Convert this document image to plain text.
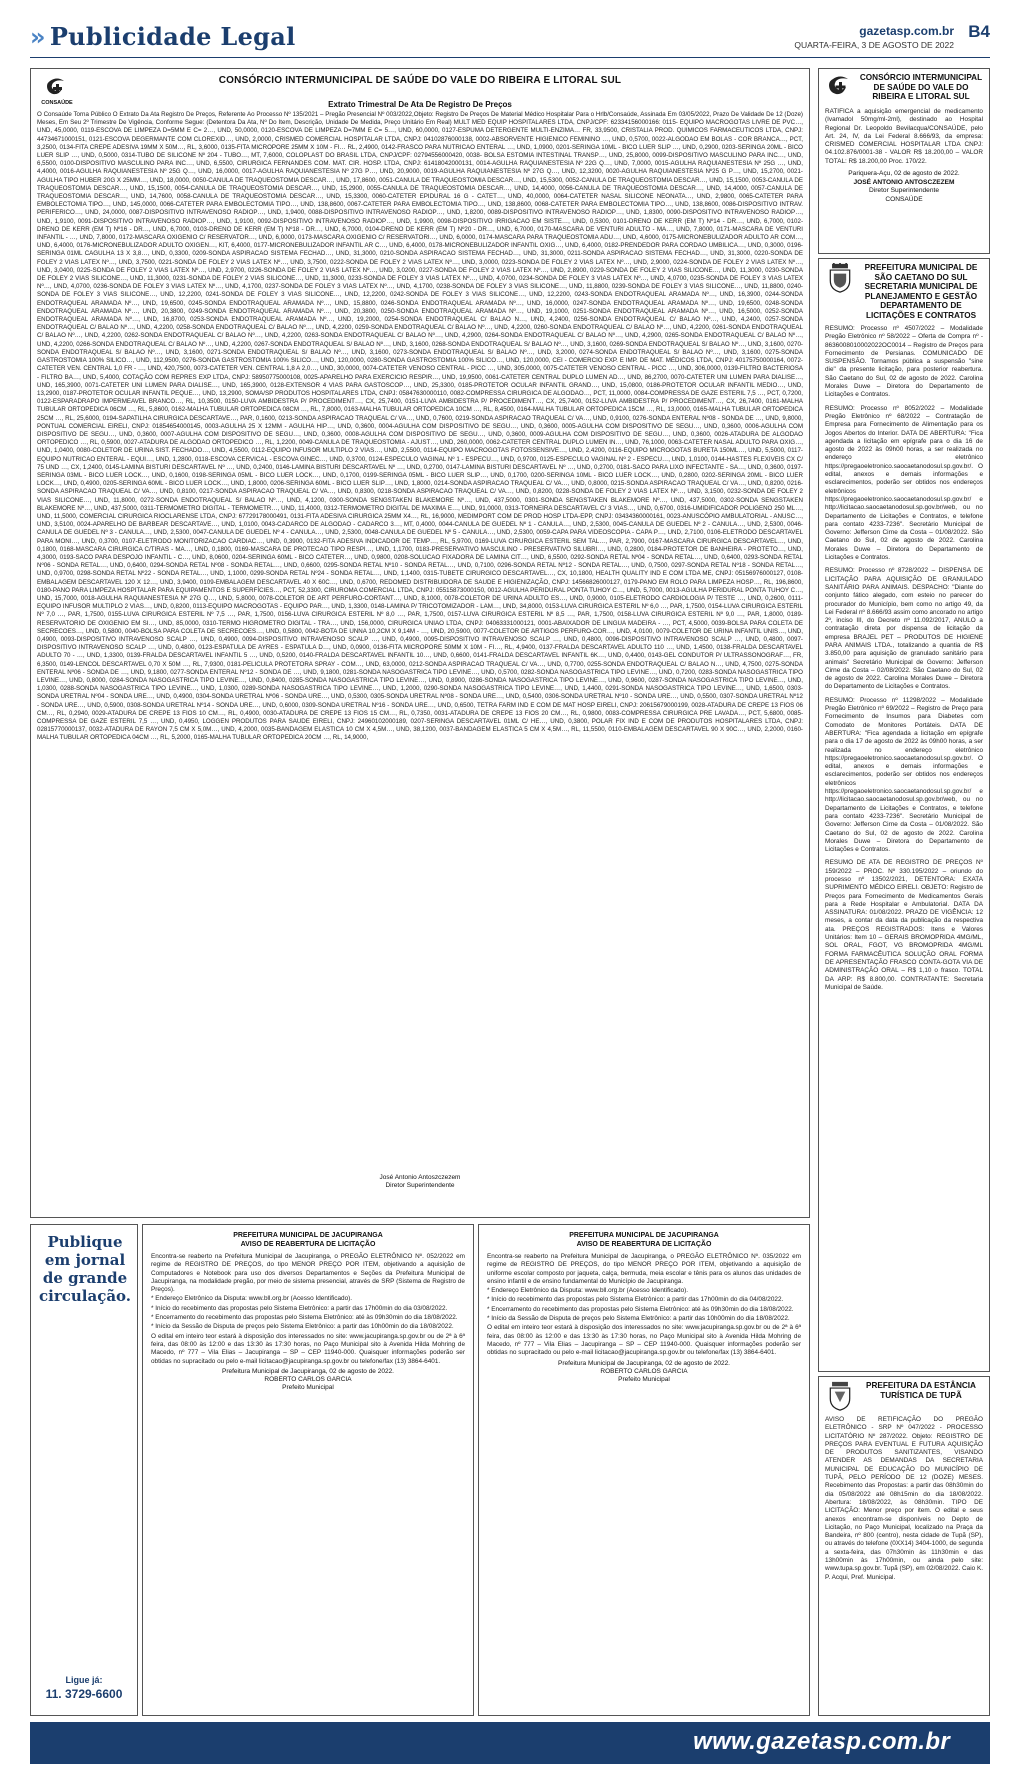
» Publicidade Legal	gazetasp.com.br
QUARTA-FEIRA, 3 DE AGOSTO DE 2022
B4
CONSAÚDE
CONSÓRCIO INTERMUNICIPAL DE SAÚDE DO VALE DO RIBEIRA E LITORAL SUL
Extrato Trimestral De Ata De Registro De Preços
O Consaúde Torna Público O Extrato Da Ata Registro De Preços, Referente Ao Processo Nº 135/2021 – Pregão Presencial Nº 003/2022,Objeto: Registro De Preços De Material Médico Hospitalar Para o Hrlb/Consaúde, Assinada Em 03/05/2022, Prazo De Validade De 12 (Doze) Meses, Em Seu 2º Trimestre De Vigência, Conforme Segue: (Detentora Da Ata, Nº Do Item, Descrição, Unidade De Medida, Preço Unitário Em Real) MULT MED EQUIP HOSPITALARES LTDA, CNPJ/CPF: 62334156000166: 0115- EQUIPO MACROGOTAS LIVRE DE PVC…, UND, 45,0000, 0119-ESCOVA DE LIMPEZA D=5MM E C= 2…, UND, 50,0000, 0120-ESCOVA DE LIMPEZA D=7MM E C= 5…, UND, 60,0000, 0127-ESPUMA DETERGENTE MULTI-ENZIMA… FR, 33,9500, CRISTALIA PROD. QUIMICOS FARMACEUTICOS LTDA, CNPJ: 44734671000151, 0121-ESCOVA DEGERMANTE COM CLOREXID…, UND, 2,0000, CRISMED COMERCIAL HOSPITALAR LTDA, CNPJ: 04102876000138, 0002-ABSORVENTE HIGIENICO FEMININO …, UND, 0,5700, 0022-ALGODAO EM BOLAS - COR BRANCA…, PCT, 3,2500, 0134-FITA CREPE ADESIVA 19MM X 50M…, RL, 3,6000, 0135-FITA MICROPORE 25MM X 10M - FI… RL, 2,4900, 0142-FRASCO PARA NUTRICAO ENTERAL …, UND, 1,0900, 0201-SERINGA 10ML - BICO LUER SLIP …, UND, 0,2900, 0203-SERINGA 20ML - BICO LUER SLIP …, UND, 0,5000, 0314-TUBO DE SILICONE Nº 204 - TUBO…, MT, 7,6000, COLOPLAST DO BRASIL LTDA, CNPJ/CPF: 02794556000420, 0038- BOLSA ESTOMIA INTESTINAL TRANSP…, UND, 25,8000, 0099-DISPOSITIVO MASCULINO PARA INC…, UND, 6,5500, 0100-DISPOSITIVO MASCULINO PARA INC…, UND, 6,5500, CIRURGICA FERNANDES COM. MAT. CIR. HOSP. LTDA, CNPJ: 61418042000131, 0014-AGULHA RAQUIANESTESIA Nº 22G Q…, UND, 7,0000, 0015-AGULHA RAQUIANESTESIA Nº 25G …, UND, 4,4000, 0016-AGULHA RAQUIANESTESIA Nº 25G Q…, UND, 16,0000, 0017-AGULHA RAQUIANESTESIA Nº 27G P…, UND, 20,9000, 0019-AGULHA RAQUIANESTESIA Nº 27G Q…, UND, 12,3200, 0020-AGULHA RAQUIANESTESIA Nº25 G P…, UND, 15,2700, 0021-AGULHA TIPO HUBER 20G X 25MM…, UND, 18,0000, 0050-CANULA DE TRAQUEOSTOMIA DESCAR…, UND, 17,8600, 0051-CANULA DE TRAQUEOSTOMIA DESCAR…, UND, 15,5300, 0052-CANULA DE TRAQUEOSTOMIA DESCAR…, UND, 15,1500, 0053-CANULA DE TRAQUEOSTOMIA DESCAR…, UND, 15,1500, 0054-CANULA DE TRAQUEOSTOMIA DESCAR…, UND, 15,2900, 0055-CANULA DE TRAQUEOSTOMIA DESCAR…, UND, 14,4000, 0056-CANULA DE TRAQUEOSTOMIA DESCAR…, UND, 14,4000, 0057-CANULA DE TRAQUEOSTOMIA DESCAR…, UND, 14,7600, 0058-CANULA DE TRAQUEOSTOMIA DESCAR…, UND, 15,3300, 0060-CATETER EPIDURAL 16 G - CATET…, UND, 40,0000, 0064-CATETER NASAL SILICONE NEONATA…, UND, 2,9800, 0065-CATETER PARA EMBOLECTOMIA TIPO…, UND, 145,0000, 0066-CATETER PARA EMBOLECTOMIA TIPO…, UND, 138,8600, 0067-CATETER PARA EMBOLECTOMIA TIPO…, UND, 138,8600, 0068-CATETER PARA EMBOLECTOMIA TIPO…, UND, 138,8600, 0086-DISPOSITIVO INTRAV. PERIFERICO…, UND, 24,0000, 0087-DISPOSITIVO INTRAVENOSO RADIOP…, UND, 1,9400, 0088-DISPOSITIVO INTRAVENOSO RADIOP…, UND, 1,8200, 0089-DISPOSITIVO INTRAVENOSO RADIOP…, UND, 1,8300, 0090-DISPOSITIVO INTRAVENOSO RADIOP…, UND, 1,9100, 0091-DISPOSITIVO INTRAVENOSO RADIOP…, UND, 1,9100, 0092-DISPOSITIVO INTRAVENOSO RADIOP…, UND, 1,9900, 0098-DISPOSITIVO IRRIGACAO EM SISTE…, UND, 0,5300, 0101-DRENO DE KERR (EM T) Nº14 - DR…, UND, 6,7000, 0102-DRENO DE KERR (EM T) Nº16 - DR…, UND, 6,7000, 0103-DRENO DE KERR (EM T) Nº18 - DR…, UND, 6,7000, 0104-DRENO DE KERR (EM T) Nº20 - DR…, UND, 6,7000, 0170-MASCARA DE VENTURI ADULTO - MA…, UND, 7,8000, 0171-MASCARA DE VENTURI INFANTIL - …, UND, 7,8000, 0172-MASCARA OXIGENIO C/ RESERVATOR…, UND, 6,0000, 0173-MASCARA OXIGENIO C/ RESERVATORI…, UND, 6,0000, 0174-MASCARA PARA TRAQUEOSTOMIA ADU…, UND, 4,6000, 0175-MICRONEBULIZADOR ADULTO AR COM…, UND, 6,4000, 0176-MICRONEBULIZADOR ADULTO OXIGEN…, KIT, 6,4000, 0177-MICRONEBULIZADOR INFANTIL AR C…, UND, 6,4000, 0178-MICRONEBULIZADOR INFANTIL OXIG…, UND, 6,4000, 0182-PRENDEDOR PARA CORDAO UMBILICA…, UND, 0,3000, 0196-SERINGA 01ML CAGULHA 13 X 3,8…, UND, 0,3300, 0209-SONDA ASPIRACAO SISTEMA FECHAD…, UND, 31,3000, 0210-SONDA ASPIRACAO SISTEMA FECHAD…, UND, 31,3000, 0211-SONDA ASPIRACAO SISTEMA FECHAD…, UND, 31,3000, 0220-SONDA DE FOLEY 2 VIAS LATEX Nº…, UND, 3,7500, 0221-SONDA DE FOLEY 2 VIAS LATEX Nº…, UND, 3,7500, 0222-SONDA DE FOLEY 2 VIAS LATEX Nº…, UND, 3,0000, 0223-SONDA DE FOLEY 2 VIAS LATEX Nº…, UND, 2,9000, 0224-SONDA DE FOLEY 2 VIAS LATEX Nº…, UND, 3,0400, 0225-SONDA DE FOLEY 2 VIAS LATEX Nº…, UND, 2,9700, 0226-SONDA DE FOLEY 2 VIAS LATEX Nº…, UND, 3,0200, 0227-SONDA DE FOLEY 2 VIAS LATEX Nº…, UND, 2,8900, 0229-SONDA DE FOLEY 2 VIAS SILICONE…, UND, 11,3000, 0230-SONDA DE FOLEY 2 VIAS SILICONE…, UND, 11,3000, 0231-SONDA DE FOLEY 2 VIAS SILICONE…, UND, 11,3000, 0233-SONDA DE FOLEY 3 VIAS LATEX Nº…, UND, 4,0700, 0234-SONDA DE FOLEY 3 VIAS LATEX Nº…, UND, 4,0700, 0235-SONDA DE FOLEY 3 VIAS LATEX Nº…, UND, 4,0700, 0236-SONDA DE FOLEY 3 VIAS LATEX Nº…, UND, 4,1700, 0237-SONDA DE FOLEY 3 VIAS LATEX Nº…, UND, 4,1700, 0238-SONDA DE FOLEY 3 VIAS SILICONE…, UND, 11,8800, 0239-SONDA DE FOLEY 3 VIAS SILICONE…, UND, 11,8800, 0240-SONDA DE FOLEY 3 VIAS SILICONE…, UND, 12,2200, 0241-SONDA DE FOLEY 3 VIAS SILICONE…, UND, 12,2200, 0242-SONDA DE FOLEY 3 VIAS SILICONE…, UND, 12,2200, 0243-SONDA ENDOTRAQUEAL ARAMADA Nº…, UND, 16,3900, 0244-SONDA ENDOTRAQUEAL ARAMADA Nº…, UND, 19,6500, 0245-SONDA ENDOTRAQUEAL ARAMADA Nº…, UND, 15,8800, 0246-SONDA ENDOTRAQUEAL ARAMADA Nº…, UND, 16,0000, 0247-SONDA ENDOTRAQUEAL ARAMADA Nº…, UND, 19,6500, 0248-SONDA ENDOTRAQUEAL ARAMADA Nº…, UND, 20,3800, 0249-SONDA ENDOTRAQUEAL ARAMADA Nº…, UND, 20,3800, 0250-SONDA ENDOTRAQUEAL ARAMADA Nº…, UND, 19,1000, 0251-SONDA ENDOTRAQUEAL ARAMADA Nº…, UND, 16,5000, 0252-SONDA ENDOTRAQUEAL ARAMADA Nº…, UND, 16,8700, 0253-SONDA ENDOTRAQUEAL ARAMADA Nº…, UND, 19,2000, 0254-SONDA ENDOTRAQUEAL C/ BALAO N…, UND, 4,2400, 0256-SONDA ENDOTRAQUEAL C/ BALAO Nº…, UND, 4,2400, 0257-SONDA ENDOTRAQUEAL C/ BALAO Nº…, UND, 4,2200, 0258-SONDA ENDOTRAQUEAL C/ BALAO Nº…, UND, 4,2200, 0259-SONDA ENDOTRAQUEAL C/ BALAO Nº…, UND, 4,2200, 0260-SONDA ENDOTRAQUEAL C/ BALAO Nº…, UND, 4,2200, 0261-SONDA ENDOTRAQUEAL C/ BALAO Nº…, UND, 4,2200, 0262-SONDA ENDOTRAQUEAL C/ BALAO Nº…, UND, 4,2200, 0263-SONDA ENDOTRAQUEAL C/ BALAO Nº…, UND, 4,2900, 0264-SONDA ENDOTRAQUEAL C/ BALAO Nº…, UND, 4,2900, 0265-SONDA ENDOTRAQUEAL C/ BALAO Nº…, UND, 4,2200, 0266-SONDA ENDOTRAQUEAL C/ BALAO Nº…, UND, 4,2200, 0267-SONDA ENDOTRAQUEAL S/ BALAO Nº…, UND, 3,1600, 0268-SONDA ENDOTRAQUEAL S/ BALAO Nº…, UND, 3,1600, 0269-SONDA ENDOTRAQUEAL S/ BALAO Nº…, UND, 3,1600, 0270-SONDA ENDOTRAQUEAL S/ BALAO Nº…, UND, 3,1600, 0271-SONDA ENDOTRAQUEAL S/ BALAO Nº…, UND, 3,1600, 0273-SONDA ENDOTRAQUEAL S/ BALAO Nº…, UND, 3,2000, 0274-SONDA ENDOTRAQUEAL S/ BALAO Nº…, UND, 3,1600, 0275-SONDA GASTROSTOMIA 100% SILICO…, UND, 112,9500, 0276-SONDA GASTROSTOMIA 100% SILICO…, UND, 120,0000, 0280-SONDA GASTROSTOMIA 100% SILICO…, UND, 120,0000, CEI - COMERCIO EXP. E IMP. DE MAT. MÉDICOS LTDA, CNPJ: 40175750000164, 0072-CATETER VEN. CENTRAL 1,0 FR - …, UND, 420,7500, 0073-CATETER VEN. CENTRAL 1,8 A 2,0…, UND, 30,0000, 0074-CATETER VENOSO CENTRAL - PICC …, UND, 305,0000, 0075-CATETER VENOSO CENTRAL - PICC …, UND, 306,0000, 0139-FILTRO BACTERIOSA - FILTRO BA…, UND, 5,4000, COTAÇÃO COM REPRES EXP LTDA, CNPJ: 58950775000108, 0025-APARELHO PARA EXERCICIO RESPIR…, UND, 19,9500, 0061-CATETER CENTRAL DUPLO LUMEN AD…, UND, 86,2700, 0070-CATETER UNI LUMEN PARA DIALISE…, UND, 165,3900, 0071-CATETER UNI LUMEN PARA DIALISE…, UND, 165,3900, 0128-EXTENSOR 4 VIAS PARA GASTOSCOP…, UND, 25,3300, 0185-PROTETOR OCULAR INFANTIL GRAND…, UND, 15,0800, 0186-PROTETOR OCULAR INFANTIL MEDIO…, UND, 13,2900, 0187-PROTETOR OCULAR INFANTIL PEQUE…, UND, 13,2900, SOMA/SP PRODUTOS HOSPITALARES LTDA, CNPJ: 05847630000110, 0082-COMPRESSA CIRURGICA DE ALGODAO…, PCT, 11,0000, 0084-COMPRESSA DE GAZE ESTERIL 7,5 …, PCT, 0,7200, 0122-ESPARADRAPO IMPERMEAVEL BRANCO…, RL, 10,3500, 0150-LUVA AMBIDESTRA P/ PROCEDIMENT…, CX, 25,7400, 0151-LUVA AMBIDESTRA P/ PROCEDIMENT…, CX, 25,7400, 0152-LUVA AMBIDESTRA P/ PROCEDIMENT…, CX, 26,7400, 0161-MALHA TUBULAR ORTOPEDICA 06CM …, RL, 5,8600, 0162-MALHA TUBULAR ORTOPEDICA 08CM …, RL, 7,8000, 0163-MALHA TUBULAR ORTOPEDICA 10CM …, RL, 8,4500, 0164-MALHA TUBULAR ORTOPEDICA 15CM …, RL, 13,0000, 0165-MALHA TUBULAR ORTOPEDICA 25CM …, RL, 25,6000, 0194-SAPATILHA CIRURGICA DESCARTAVE…, PAR, 0,1600, 0213-SONDA ASPIRACAO TRAQUEAL C/ VA…, UND, 0,7600, 0219-SONDA ASPIRACAO TRAQUEAL C/ VA…, UND, 0,9100, 0276-SONDA ENTERAL Nº08 - SONDA DE …, UND, 9,8000, PONTUAL COMERCIAL EIRELI, CNPJ: 01854654000145, 0003-AGULHA 25 X 12MM - AGULHA HIP…, UND, 0,3600, 0004-AGULHA COM DISPOSITIVO DE SEGU…, UND, 0,3600, 0005-AGULHA COM DISPOSITIVO DE SEGU…, UND, 0,3600, 0006-AGULHA COM DISPOSITIVO DE SEGU…, UND, 0,3600, 0007-AGULHA COM DISPOSITIVO DE SEGU…, UND, 0,3600, 0008-AGULHA COM DISPOSITIVO DE SEGU…, UND, 0,3600, 0009-AGULHA COM DISPOSITIVO DE SEGU…, UND, 0,3600, 0026-ATADURA DE ALGODAO ORTOPEDICO …, RL, 0,5900, 0027-ATADURA DE ALGODAO ORTOPEDICO …, RL, 1,2200, 0049-CANULA DE TRAQUEOSTOMIA - AJUST…, UND, 260,0000, 0062-CATETER CENTRAL DUPLO LUMEN IN…, UND, 76,1000, 0063-CATETER NASAL ADULTO PARA OXIG…, UND, 1,0400, 0080-COLETOR DE URINA SIST. FECHADO…, UND, 4,5500, 0112-EQUIPO INFUSOR MULTIPLO 2 VIAS…, UND, 2,5500, 0114-EQUIPO MACROGOTAS FOTOSSENSIVE…, UND, 2,4200, 0116-EQUIPO MICROGOTAS BURETA 150ML…, UND, 5,5000, 0117-EQUIPO NUTRICAO ENTERAL - EQUI…, UND, 1,2800, 0118-ESCOVA CERVICAL - ESCOVA GINEC…, UND, 0,3700, 0124-ESPECULO VAGINAL Nº 1 - ESPECU…, UND, 0,9700, 0125-ESPECULO VAGINAL Nº 2 - ESPECU…, UND, 1,0100, 0144-HASTES FLEXIVEIS CX C/ 75 UND …, CX, 1,2400, 0145-LAMINA BISTURI DESCARTAVEL Nº …, UND, 0,2400, 0146-LAMINA BISTURI DESCARTAVEL Nº …, UND, 0,2700, 0147-LAMINA BISTURI DESCARTAVEL Nº …, UND, 0,2700, 0181-SACO PARA LIXO INFECTANTE - SA…, UND, 0,3600, 0197-SERINGA 03ML - BICO LUER LOCK…, UND, 0,1600, 0198-SERINGA 05ML - BICO LUER LOCK…, UND, 0,1700, 0199-SERINGA 05ML - BICO LUER SLIP…, UND, 0,1700, 0200-SERINGA 10ML - BICO LUER LOCK…, UND, 0,2800, 0202-SERINGA 20ML - BICO LUER LOCK…, UND, 0,4900, 0205-SERINGA 60ML - BICO LUER LOCK…, UND, 1,8000, 0206-SERINGA 60ML - BICO LUER SLIP…, UND, 1,8000, 0214-SONDA ASPIRACAO TRAQUEAL C/ VA…, UND, 0,8000, 0215-SONDA ASPIRACAO TRAQUEAL C/ VA…, UND, 0,8200, 0216-SONDA ASPIRACAO TRAQUEAL C/ VA…, UND, 0,8100, 0217-SONDA ASPIRACAO TRAQUEAL C/ VA…, UND, 0,8300, 0218-SONDA ASPIRACAO TRAQUEAL C/ VA…, UND, 0,8200, 0228-SONDA DE FOLEY 2 VIAS LATEX Nº…, UND, 3,1500, 0232-SONDA DE FOLEY 2 VIAS SILICONE…, UND, 11,8000, 0272-SONDA ENDOTRAQUEAL S/ BALAO Nº…, UND, 4,1200, 0300-SONDA SENGSTAKEN BLAKEMORE Nº…, UND, 437,5000, 0301-SONDA SENGSTAKEN BLAKEMORE Nº…, UND, 437,5000, 0302-SONDA SENGSTAKEN BLAKEMORE Nº…, UND, 437,5000, 0311-TERMOMETRO DIGITAL - TERMOMETR…, UND, 11,4000, 0312-TERMOMETRO DIGITAL DE MAXIMA E…, UND, 91,0000, 0313-TORNEIRA DESCARTAVEL C/ 3 VIAS…, UND, 0,6700, 0316-UMIDIFICADOR POLIGENO 250 ML…, UND, 11,5000, COMERCIAL CIRURGICA RIOCLARENSE LTDA, CNPJ: 67729178000491, 0131-FITA ADESIVA CIRURGICA 25MM X4…, RL, 16,9000, MEDIMPORT COM DE PROD HOSP LTDA-EPP, CNPJ: 03434360000161, 0023-ANUSCÓPIO AMBULATORIAL - ANUSC…, UND, 3,5100, 0024-APARELHO DE BARBEAR DESCARTAVE…, UND, 1,0100, 0043-CADARCO DE ALGODAO - CADARCO 3…, MT, 0,4000, 0044-CANULA DE GUEDEL Nº 1 - CANULA…, UND, 2,5300, 0045-CANULA DE GUEDEL Nº 2 - CANULA…, UND, 2,5300, 0046-CANULA DE GUEDEL Nº 3 - CANULA…, UND, 2,5300, 0047-CANULA DE GUEDEL Nº 4 - CANULA…, UND, 2,5300, 0048-CANULA DE GUEDEL Nº 5 - CANULA…, UND, 2,5300, 0059-CAPA PARA VIDEOSCOPIA - CAPA P…, UND, 2,7100, 0106-ELETRODO DESCARTAVEL PARA MONI…, UND, 0,3700, 0107-ELETRODO MONITORIZACAO CARDIAC…, UND, 0,3900, 0132-FITA ADESIVA INDICADOR DE TEMP…, RL, 5,9700, 0169-LUVA CIRURGICA ESTERIL SEM TAL…, PAR, 2,7900, 0167-MASCARA CIRURGICA DESCARTAVEL…, UND, 0,1800, 0168-MASCARA CIRURGICA C/TIRAS - MA…, UND, 0,1800, 0169-MASCARA DE PROTECAO TIPO RESPI…, UND, 1,1700, 0183-PRESERVATIVO MASCULINO - PRESERVATIVO SILUBRI…, UND, 0,2800, 0184-PROTETOR DE BANHEIRA - PROTETO…, UND, 4,3000, 0193-SACO PARA DESPOJO INFANTIL - C…, UND, 8,0600, 0204-SERINGA 60ML - BICO CATETER…, UND, 0,9800, 0208-SOLUCAO FIXADORA DE LAMINA CIT…, UND, 6,5500, 0292-SONDA RETAL Nº04 - SONDA RETAL…, UND, 0,6400, 0293-SONDA RETAL Nº06 - SONDA RETAL…, UND, 0,6400, 0294-SONDA RETAL Nº08 - SONDA RETAL…, UND, 0,6600, 0295-SONDA RETAL Nº10 - SONDA RETAL…, UND, 0,7100, 0296-SONDA RETAL Nº12 - SONDA RETAL…, UND, 0,7500, 0297-SONDA RETAL Nº18 - SONDA RETAL…, UND, 0,9700, 0298-SONDA RETAL Nº22 - SONDA RETAL…, UND, 1,1000, 0299-SONDA RETAL Nº24 - SONDA RETAL…, UND, 1,1400, 0315-TUBETE CIRURGICO DESCARTAVEL…, CX, 10,1800, HEALTH QUALITY IND E COM LTDA ME, CNPJ: 05156976000127, 0108-EMBALAGEM DESCARTAVEL 120 X 12…, UND, 3,9400, 0109-EMBALAGEM DESCARTAVEL 40 X 60C…, UND, 0,6700, REDOMED DISTRIBUIDORA DE SAUDE E HIGIENIZAÇÃO, CNPJ: 14566826000127, 0179-PANO EM ROLO PARA LIMPEZA HOSP…, RL, 196,8600, 0180-PANO PARA LIMPEZA HOSPITALAR PARA EQUIPAMENTOS E SUPERFÍCIES…, PCT, 52,3300, CIRUROMA COMERCIAL LTDA, CNPJ: 05515873000150, 0012-AGULHA PERIDURAL PONTA TUHOY C…, UND, 5,7000, 0013-AGULHA PERIDURAL PONTA TUHOY C…, UND, 15,7000, 0018-AGULHA RAQUIANESTESIA Nº 27G Q…, UND, 5,8000, 0078-COLETOR DE ART PERFURO-CORTANT…, UND, 8,1000, 0078-COLETOR DE URINA ADULTO ES…, UND, 0,9000, 0105-ELETRODO CARDIOLOGIA P/ TESTE …, UND, 0,2600, 0111-EQUIPO INFUSOR MULTIPLO 2 VIAS…, UND, 0,8200, 0113-EQUIPO MACROGOTAS - EQUIPO PAR…, UND, 1,3300, 0148-LAMINA P/ TRICOTOMIZADOR - LAM…, UND, 34,8000, 0153-LUVA CIRURGICA ESTERIL Nº 6,0 …, PAR, 1,7500, 0154-LUVA CIRURGICA ESTERIL Nº 7,0 …, PAR, 1,7500, 0155-LUVA CIRURGICA ESTERIL Nº 7,5 …, PAR, 1,7500, 0156-LUVA CIRURGICA ESTERIL Nº 8,0 …, PAR, 1,7500, 0157-LUVA CIRURGICA ESTERIL Nº 8,5 …, PAR, 1,7500, 0158-LUVA CIRURGICA ESTERIL Nº 9,0 …, PAR, 1,8000, 0189-RESERVATORIO DE OXIGENIO EM SI…, UND, 85,0000, 0310-TERMO HIGROMETRO DIGITAL - TRA…, UND, 156,0000, CIRURGICA UNIAO LTDA, CNPJ: 04063331000121, 0001-ABAIXADOR DE LINGUA MADEIRA - …, PCT, 4,5000, 0039-BOLSA PARA COLETA DE SECRECOES…, UND, 0,5800, 0040-BOLSA PARA COLETA DE SECRECOES…, UND, 0,5800, 0042-BOTA DE UNNA 10,2CM X 9,14M - …, UND, 20,5900, 0077-COLETOR DE ARTIGOS PERFURO-COR…, UND, 4,0100, 0079-COLETOR DE URINA INFANTIL UNIS…, UND, 0,4900, 0093-DISPOSITIVO INTRAVENOSO SCALP …, UND, 0,4900, 0094-DISPOSITIVO INTRAVENOSO SCALP …, UND, 0,4900, 0095-DISPOSITIVO INTRAVENOSO SCALP …, UND, 0,4800, 0096-DISPOSITIVO INTRAVENOSO SCALP …, UND, 0,4800, 0097-DISPOSITIVO INTRAVENOSO SCALP …, UND, 0,4800, 0123-ESPATULA DE AYRES - ESPATULA D…, UND, 0,0900, 0136-FITA MICROPORE 50MM X 10M - FI…, RL, 4,9400, 0137-FRALDA DESCARTAVEL ADULTO 110 …, UND, 1,4500, 0138-FRALDA DESCARTAVEL ADULTO 70 - …, UND, 1,3300, 0139-FRALDA DESCARTAVEL INFANTIL 5 …, UND, 0,5200, 0140-FRALDA DESCARTAVEL INFANTIL 10…, UND, 0,6600, 0141-FRALDA DESCARTAVEL INFANTIL 6K…, UND, 0,4400, 0143-GEL CONDUTOR P/ ULTRASSONOGRAF…, FR, 6,3500, 0149-LENCOL DESCARTAVEL 0,70 X 50M …, RL, 7,9300, 0181-PELICULA PROTETORA SPRAY - COM…, UND, 63,0000, 0212-SONDA ASPIRACAO TRAQUEAL C/ VA…, UND, 0,7700, 0255-SONDA ENDOTRAQUEAL C/ BALAO N…, UND, 4,7500, 0275-SONDA ENTERAL Nº06 - SONDA DE …, UND, 9,1800, 0277-SONDA ENTERAL Nº12 - SONDA DE …, UND, 9,1800, 0281-SONDA NASOGASTRICA TIPO LEVINE…, UND, 0,5700, 0282-SONDA NASOGASTRICA TIPO LEVINE…, UND, 0,7200, 0283-SONDA NASOGASTRICA TIPO LEVINE…, UND, 0,8000, 0284-SONDA NASOGASTRICA TIPO LEVINE…, UND, 0,8400, 0285-SONDA NASOGASTRICA TIPO LEVINE…, UND, 0,8900, 0286-SONDA NASOGASTRICA TIPO LEVINE…, UND, 0,9600, 0287-SONDA NASOGASTRICA TIPO LEVINE…, UND, 1,0300, 0288-SONDA NASOGASTRICA TIPO LEVINE…, UND, 1,0300, 0289-SONDA NASOGASTRICA TIPO LEVINE…, UND, 1,2000, 0290-SONDA NASOGASTRICA TIPO LEVINE…, UND, 1,4400, 0291-SONDA NASOGASTRICA TIPO LEVINE…, UND, 1,6500, 0303-SONDA URETRAL Nº04 - SONDA URE…, UND, 0,4900, 0304-SONDA URETRAL Nº06 - SONDA URE…, UND, 0,5300, 0305-SONDA URETRAL Nº08 - SONDA URE…, UND, 0,5400, 0306-SONDA URETRAL Nº10 - SONDA URE…, UND, 0,5500, 0307-SONDA URETRAL Nº12 - SONDA URE…, UND, 0,5900, 0308-SONDA URETRAL Nº14 - SONDA URE…, UND, 0,6000, 0309-SONDA URETRAL Nº16 - SONDA URE…, UND, 0,6500, TETRA FARM IND E COM DE MAT HOSP EIRELI, CNPJ: 20615679000199, 0028-ATADURA DE CREPE 13 FIOS 06 CM…, RL, 0,2940, 0029-ATADURA DE CREPE 13 FIOS 10 CM…, RL, 0,4900, 0030-ATADURA DE CREPE 13 FIOS 15 CM…, RL, 0,7350, 0031-ATADURA DE CREPE 13 FIOS 20 CM…, RL, 0,9800, 0083-COMPRESSA CIRURGICA PRE LAVADA…, PCT, 5,6800, 0085-COMPRESSA DE GAZE ESTERIL 7,5 …, UND, 0,4950, LOGGEN PRODUTOS PARA SAUDE EIRELI, CNPJ: 24960102000189, 0207-SERINGA DESCARTAVEL 01ML C/ HE…, UND, 0,3800, POLAR FIX IND E COM DE PRODUTOS HOSPITALARES LTDA, CNPJ: 02815770000137, 0032-ATADURA DE RAYON 7,5 CM X 5,0M…, UND, 4,2000, 0035-BANDAGEM ELASTICA 10 CM X 4,5M…, UND, 38,1200, 0037-BANDAGEM ELASTICA 5 CM X 4,5M…, RL, 11,5500, 0110-EMBALAGEM DESCARTAVEL 90 X 90C…, UND, 2,2000, 0160-MALHA TUBULAR ORTOPEDICA 04CM …, RL, 5,2000, 0165-MALHA TUBULAR ORTOPEDICA 20CM …, RL, 14,9000,
José Antonio Antoszczezem
Diretor Superintendente
CONSÓRCIO INTERMUNICIPAL DE SAÚDE DO VALE DO RIBEIRA E LITORAL SUL
RATIFICA a aquisição emergencial de medicamento (Ivamadol 50mg/ml-2ml), destinado ao Hospital Regional Dr. Leopoldo Bevilacqua/CONSAÚDE, pelo Art. 24, IV, da Lei Federal 8.666/93, da empresa: CRISMED COMERCIAL HOSPITALAR LTDA CNPJ: 04.102.876/0001-38 - VALOR R$ 18.200,00 – VALOR TOTAL: R$ 18.200,00 Proc. 170/22.
Pariquera-Açu, 02 de agosto de 2022.
JOSÉ ANTONIO ANTOSCZEZEM
Diretor Superintendente
CONSAÚDE
PREFEITURA MUNICIPAL DE SÃO CAETANO DO SUL SECRETARIA MUNICIPAL DE PLANEJAMENTO E GESTÃO DEPARTAMENTO DE LICITAÇÕES E CONTRATOS
RESUMO: Processo nº 4507/2022 – Modalidade Pregão Eletrônico nº 58/2022 – Oferta de Compra nº - 8636008010002022OC0014 – Registro de Preços para Fornecimento de Persianas. COMUNICADO DE SUSPENSÃO. Tornamos pública a suspensão "sine die" da presente licitação, para posterior reabertura. São Caetano do Sul, 02 de agosto de 2022. Carolina Morales Duwe – Diretora do Departamento de Licitações e Contratos.
RESUMO: Processo nº 8052/2022 – Modalidade Pregão Eletrônico nº 68/2022 – Contratação de Empresa para Fornecimento de Alimentação para os Jogos Abertos do Interior. DATA DE ABERTURA: "Fica agendada a licitação em epígrafe para o dia 16 de agosto de 2022 às 09h00 horas, a ser realizada no endereço eletrônico https://pregaoeletronico.saocaetanodosul.sp.gov.br/. O edital, anexos e demais informações e esclarecimentos, poderão ser obtidos nos endereços eletrônicos https://pregaoeletronico.saocaetanodosul.sp.gov.br/ e http://licitacao.saocaetanodosul.sp.gov.br/web, ou no Departamento de Licitações e Contratos, e telefone para contato 4233-7236". Secretário Municipal de Governo: Jefferson Cirne da Costa – 01/08/2022. São Caetano do Sul, 02 de agosto de 2022. Carolina Morales Duwe – Diretora do Departamento de Licitações e Contratos.
RESUMO: Processo nº 8728/2022 – DISPENSA DE LICITAÇÃO PARA AQUISIÇÃO DE GRANULADO SANITÁRIO PARA ANIMAIS. DESPACHO: "Diante do conjunto fático alegado, com esteio no parecer do procurador do Município, bem como no artigo 49, da Lei Federal nº 8.666/93 assim como ancorado no artigo 2º, inciso III, do Decreto nº 11.092/2017, ANULO a contratação direta por dispensa de licitação da empresa BRAJEL PET – PRODUTOS DE HIGIENE PARA ANIMAIS LTDA., totalizando a quantia de R$ 3.850,00 para aquisição de granulado sanitário para animais" Secretário Municipal de Governo: Jefferson Cirne da Costa – 02/08/2022. São Caetano do Sul, 02 de agosto de 2022. Carolina Morales Duwe – Diretora do Departamento de Licitações e Contratos.
RESUMO: Processo nº 11298/2022 – Modalidade Pregão Eletrônico nº 69/2022 – Registro de Preço para Fornecimento de Insumos para Diabetes com Comodato de Monitores Portáteis. DATA DE ABERTURA: "Fica agendada a licitação em epígrafe para o dia 17 de agosto de 2022 às 09h00 horas, a ser realizada no endereço eletrônico https://pregaoeletronico.saocaetanodosul.sp.gov.br/. O edital, anexos e demais informações e esclarecimentos, poderão ser obtidos nos endereços eletrônicos https://pregaoeletronico.saocaetanodosul.sp.gov.br/ e http://licitacao.saocaetanodosul.sp.gov.br/web, ou no Departamento de Licitações e Contratos, e telefone para contato 4233-7236". Secretário Municipal de Governo: Jefferson Cirne da Costa – 01/08/2022. São Caetano do Sul, 02 de agosto de 2022. Carolina Morales Duwe – Diretora do Departamento de Licitações e Contratos.
RESUMO DE ATA DE REGISTRO DE PREÇOS Nº 159/2022 – PROC. Nº 330.195/2022 – oriundo do processo nº 13502/2021, DETENTORA: EXATA SUPRIMENTO MÉDICO EIRELI. OBJETO: Registro de Preços para Fornecimento de Medicamentos Gerais para a Rede Hospitalar e Ambulatorial. DATA DA ASSINATURA: 01/08/2022. PRAZO DE VIGÊNCIA: 12 meses, a contar da data da publicação da respectiva ata. PREÇOS REGISTRADOS: Itens e Valores Unitários: Item 10 – GERAIS BROMOPRIDA 4MG/ML, SOL ORAL, FGOT, VG BROMOPRIDA 4MG/ML FORMA FARMACÊUTICA SOLUÇÃO ORAL FORMA DE APRESENTAÇÃO FRASCO CONTA-GOTA VIA DE ADMINISTRAÇÃO ORAL – R$ 1,10 o frasco. TOTAL DA ARP: R$ 8.800,00. CONTRATANTE: Secretaria Municipal de Saúde.
PREFEITURA DA ESTÂNCIA TURÍSTICA DE TUPÃ
AVISO DE RETIFICAÇÃO DO PREGÃO ELETRÔNICO - SRP Nº 047/2022 - PROCESSO LICITATÓRIO Nº 287/2022. Objeto: REGISTRO DE PREÇOS PARA EVENTUAL E FUTURA AQUISIÇÃO DE PRODUTOS SANITIZANTES, VISANDO ATENDER AS DEMANDAS DA SECRETARIA MUNICIPAL DE EDUCAÇÃO DO MUNICÍPIO DE TUPÃ, PELO PERÍODO DE 12 (DOZE) MESES. Recebimento das Propostas: a partir das 08h30min do dia 05/08/2022 até 08h15min do dia 18/08/2022. Abertura: 18/08/2022, às 08h30min. TIPO DE LICITAÇÃO: Menor preço por item. O edital e seus anexos encontram-se disponíveis no Depto de Licitação, no Paço Municipal, localizado na Praça da Bandeira, nº 800 (centro), nesta cidade de Tupã (SP), ou através do telefone (0XX14) 3404-1000, de segunda a sexta-feira, das 07h30min às 11h30min e das 13h00min às 17h00min, ou ainda pelo site: www.tupa.sp.gov.br. Tupã (SP), em 02/08/2022. Caio K. P. Acqui, Pref. Municipal.
Publique em jornal de grande circulação.
Ligue já:
11. 3729-6600
PREFEITURA MUNICIPAL DE JACUPIRANGA
AVISO DE REABERTURA DE LICITAÇÃO

Encontra-se reaberto na Prefeitura Municipal de Jacupiranga, o PREGÃO ELETRÔNICO Nº. 052/2022 em regime de REGISTRO DE PREÇOS, do tipo MENOR PREÇO POR ITEM, objetivando a aquisição de Computadores e Notebook para uso dos diversos Departamentos e Seções da Prefeitura Municipal de Jacupiranga, na modalidade pregão, por meio de sistema presencial, através de SRP (Sistema de Registro de Preços).

* Endereço Eletrônico da Disputa: www.bll.org.br (Acesso Identificado).

* Início do recebimento das propostas pelo Sistema Eletrônico: a partir das 17h00min do dia 03/08/2022.

* Encerramento do recebimento das propostas pelo Sistema Eletrônico: até às 09h30min do dia 18/08/2022.

* Início da Sessão de Disputa de preços pelo Sistema Eletrônico: a partir das 10h00min do dia 18/08/2022.

O edital em inteiro teor estará à disposição dos interessados no site: www.jacupiranga.sp.gov.br ou de 2ª à 6ª feira, das 08:00 às 12:00 e das 13:30 às 17:30 horas, no Paço Municipal sito à Avenida Hilda Mohring de Macedo, nº 777 – Vila Elias – Jacupiranga – SP – CEP 11940-000. Quaisquer informações poderão ser obtidas no supracitado ou pelo e-mail licitacao@jacupiranga.sp.gov.br ou telefone/fax (13) 3864-6401.

Prefeitura Municipal de Jacupiranga, 02 de agosto de 2022.
ROBERTO CARLOS GARCIA
Prefeito Municipal
PREFEITURA MUNICIPAL DE JACUPIRANGA
AVISO DE REABERTURA DE LICITAÇÃO

Encontra-se reaberto na Prefeitura Municipal de Jacupiranga, o PREGÃO ELETRÔNICO Nº. 035/2022 em regime de REGISTRO DE PREÇOS, do tipo MENOR PREÇO POR ITEM, objetivando a aquisição de uniforme escolar composto por jaqueta, calça, bermuda, meia escolar e tênis para os alunos das unidades de ensino infantil e de ensino fundamental do Município de Jacupiranga.

* Endereço Eletrônico da Disputa: www.bll.org.br (Acesso Identificado).

* Início do recebimento das propostas pelo Sistema Eletrônico: a partir das 17h00min do dia 04/08/2022.

* Encerramento do recebimento das propostas pelo Sistema Eletrônico: até às 09h30min do dia 18/08/2022.

* Início da Sessão de Disputa de preços pelo Sistema Eletrônico: a partir das 10h00min do dia 18/08/2022.

O edital em inteiro teor estará à disposição dos interessados no site: www.jacupiranga.sp.gov.br ou de 2ª à 6ª feira, das 08:00 às 12:00 e das 13:30 às 17:30 horas, no Paço Municipal sito à Avenida Hilda Mohring de Macedo, nº 777 – Vila Elias – Jacupiranga – SP – CEP 11940-000. Quaisquer informações poderão ser obtidas no supracitado ou pelo e-mail licitacao@jacupiranga.sp.gov.br ou telefone/fax (13) 3864-6401.

Prefeitura Municipal de Jacupiranga, 02 de agosto de 2022.
ROBERTO CARLOS GARCIA
Prefeito Municipal
www.gazetasp.com.br
